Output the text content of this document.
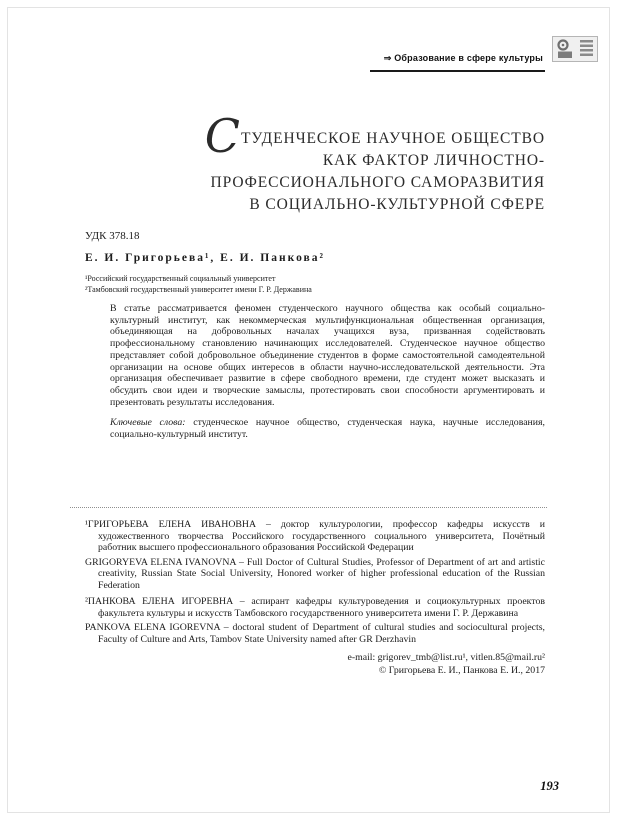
⇒ Образование в сфере культуры
СТУДЕНЧЕСКОЕ НАУЧНОЕ ОБЩЕСТВО
КАК ФАКТОР ЛИЧНОСТНО-
ПРОФЕССИОНАЛЬНОГО САМОРАЗВИТИЯ
В СОЦИАЛЬНО-КУЛЬТУРНОЙ СФЕРЕ
УДК 378.18
Е. И. Григорьева¹, Е. И. Панкова²
¹Российский государственный социальный университет
²Тамбовский государственный университет имени Г. Р. Державина

В статье рассматривается феномен студенческого научного общества как особый социально-культурный институт, как некоммерческая мультифункциональная общественная организация, объединяющая на добровольных началах учащихся вуза, призванная содействовать профессиональному становлению начинающих исследователей. Студенческое научное общество представляет собой добровольное объединение студентов в форме самостоятельной самодеятельной организации на основе общих интересов в области научно-исследовательской деятельности. Эта организация обеспечивает развитие в сфере свободного времени, где студент может высказать и обсудить свои идеи и творческие замыслы, протестировать свои способности аргументировать и презентовать результаты исследования.

Ключевые слова: студенческое научное общество, студенческая наука, научные исследования, социально-культурный институт.

¹ГРИГОРЬЕВА ЕЛЕНА ИВАНОВНА – доктор культурологии, профессор кафедры искусств и художественного творчества Российского государственного социального университета, Почётный работник высшего профессионального образования Российской Федерации

GRIGORYEVA ELENA IVANOVNA – Full Doctor of Cultural Studies, Professor of Department of art and artistic creativity, Russian State Social University, Honored worker of higher professional education of the Russian Federation

²ПАНКОВА ЕЛЕНА ИГОРЕВНА – аспирант кафедры культуроведения и социокультурных проектов факультета культуры и искусств Тамбовского государственного университета имени Г. Р. Державина

PANKOVA ELENA IGOREVNA – doctoral student of Department of cultural studies and sociocultural projects, Faculty of Culture and Arts, Tambov State University named after GR Derzhavin

e-mail: grigorev_tmb@list.ru¹, vitlen.85@mail.ru²
© Григорьева Е. И., Панкова Е. И., 2017
193
